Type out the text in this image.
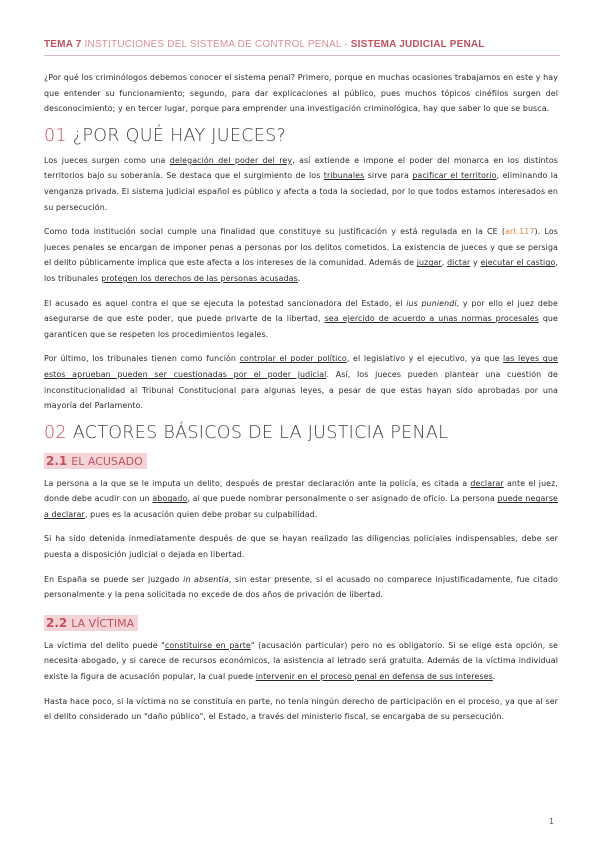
TEMA 7 INSTITUCIONES DEL SISTEMA DE CONTROL PENAL - SISTEMA JUDICIAL PENAL

¿Por qué los criminólogos debemos conocer el sistema penal? Primero, porque en muchas ocasiones trabajamos en este y hay que entender su funcionamiento; segundo, para dar explicaciones al público, pues muchos tópicos cinéfilos surgen del desconocimiento; y en tercer lugar, porque para emprender una investigación criminológica, hay que saber lo que se busca.

01 ¿POR QUÉ HAY JUECES?

Los jueces surgen como una delegación del poder del rey, así extiende e impone el poder del monarca en los distintos territorios bajo su soberanía. Se destaca que el surgimiento de los tribunales sirve para pacificar el territorio, eliminando la venganza privada. El sistema judicial español es público y afecta a toda la sociedad, por lo que todos estamos interesados en su persecución.

Como toda institución social cumple una finalidad que constituye su justificación y está regulada en la CE (art.117). Los jueces penales se encargan de imponer penas a personas por los delitos cometidos. La existencia de jueces y que se persiga el delito públicamente implica que este afecta a los intereses de la comunidad. Además de juzgar, dictar y ejecutar el castigo, los tribunales protegen los derechos de las personas acusadas.

El acusado es aquel contra el que se ejecuta la potestad sancionadora del Estado, el ius puniendi, y por ello el juez debe asegurarse de que este poder, que puede privarte de la libertad, sea ejercido de acuerdo a unas normas procesales que garanticen que se respeten los procedimientos legales.

Por último, los tribunales tienen como función controlar el poder político, el legislativo y el ejecutivo, ya que las leyes que estos aprueban pueden ser cuestionadas por el poder judicial. Así, los jueces pueden plantear una cuestión de inconstitucionalidad al Tribunal Constitucional para algunas leyes, a pesar de que estas hayan sido aprobadas por una mayoría del Parlamento.

02 ACTORES BÁSICOS DE LA JUSTICIA PENAL
2.1 EL ACUSADO

La persona a la que se le imputa un delito, después de prestar declaración ante la policía, es citada a declarar ante el juez, donde debe acudir con un abogado, al que puede nombrar personalmente o ser asignado de oficio. La persona puede negarse a declarar, pues es la acusación quien debe probar su culpabilidad.

Si ha sido detenida inmediatamente después de que se hayan realizado las diligencias policiales indispensables, debe ser puesta a disposición judicial o dejada en libertad.

En España se puede ser juzgado in absentia, sin estar presente, si el acusado no comparece injustificadamente, fue citado personalmente y la pena solicitada no excede de dos años de privación de libertad.

2.2 LA VÍCTIMA

La víctima del delito puede "constituirse en parte" (acusación particular) pero no es obligatorio. Si se elige esta opción, se necesita abogado, y si carece de recursos económicos, la asistencia al letrado será gratuita. Además de la víctima individual existe la figura de acusación popular, la cual puede intervenir en el proceso penal en defensa de sus intereses.

Hasta hace poco, si la víctima no se constituía en parte, no tenía ningún derecho de participación en el proceso, ya que al ser el delito considerado un "daño público", el Estado, a través del ministerio fiscal, se encargaba de su persecución.

1
